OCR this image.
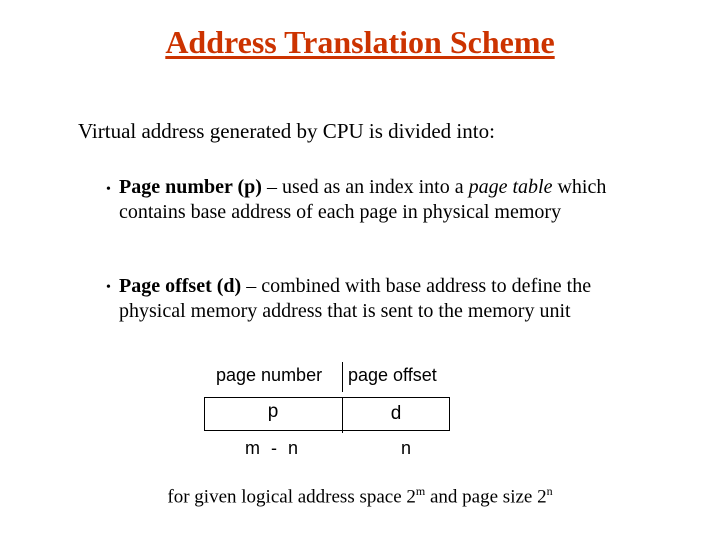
Address Translation Scheme
Virtual address generated by CPU is divided into:
• Page number (p) – used as an index into a page table which contains base address of each page in physical memory
• Page offset (d) – combined with base address to define the physical memory address that is sent to the memory unit
page number page offset
p	d
m - n	n
for given logical address space 2$^m$ and page size 2$^n$
